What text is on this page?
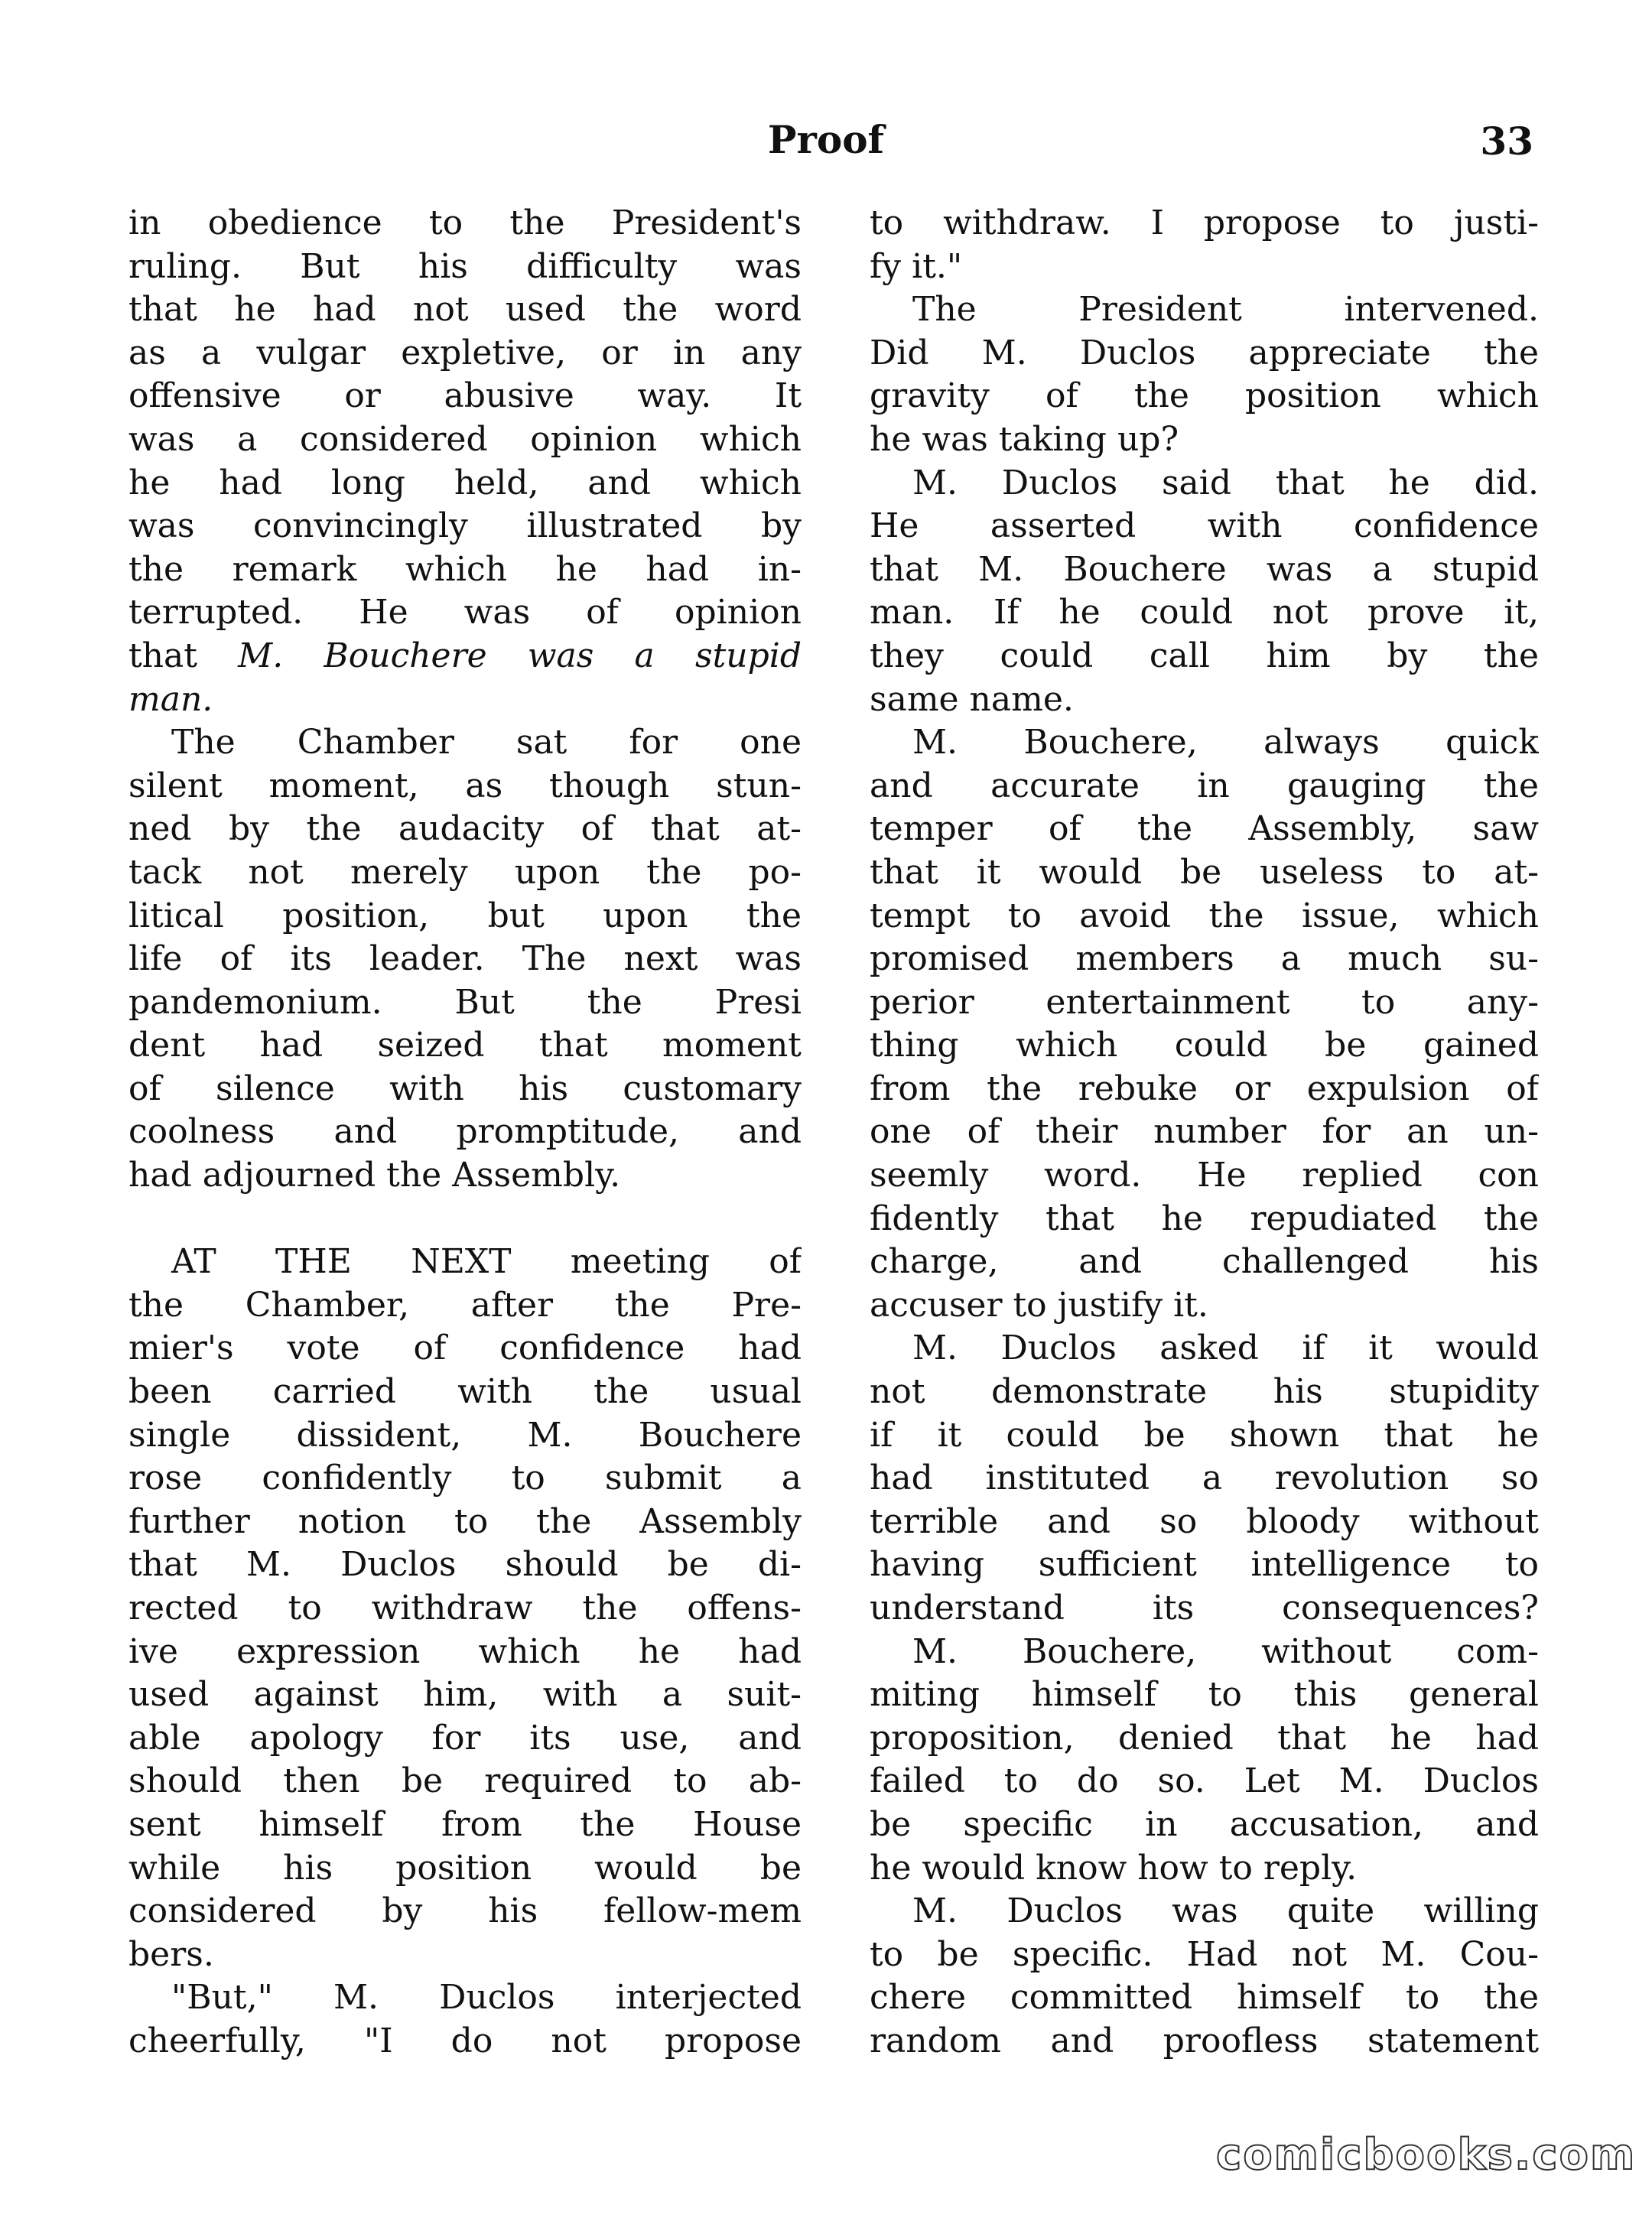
Proof	33
in obedience to the President's
ruling. But his difficulty was
that he had not used the word
as a vulgar expletive, or in any
offensive or abusive way. It
was a considered opinion which
he had long held, and which
was convincingly illustrated by
the remark which he had in-
terrupted. He was of opinion
that M. Bouchere was a stupid
man.
The Chamber sat for one
silent moment, as though stun-
ned by the audacity of that at-
tack not merely upon the po-
litical position, but upon the
life of its leader. The next was
pandemonium. But the Presi
dent had seized that moment
of silence with his customary
coolness and promptitude, and
had adjourned the Assembly.
AT THE NEXT meeting of
the Chamber, after the Pre-
mier's vote of confidence had
been carried with the usual
single dissident, M. Bouchere
rose confidently to submit a
further notion to the Assembly
that M. Duclos should be di-
rected to withdraw the offens-
ive expression which he had
used against him, with a suit-
able apology for its use, and
should then be required to ab-
sent himself from the House
while his position would be
considered by his fellow-mem
bers.
"But," M. Duclos interjected
cheerfully, "I do not propose
to withdraw. I propose to justi-
fy it."
The President intervened.
Did M. Duclos appreciate the
gravity of the position which
he was taking up?
M. Duclos said that he did.
He asserted with confidence
that M. Bouchere was a stupid
man. If he could not prove it,
they could call him by the
same name.
M. Bouchere, always quick
and accurate in gauging the
temper of the Assembly, saw
that it would be useless to at-
tempt to avoid the issue, which
promised members a much su-
perior entertainment to any-
thing which could be gained
from the rebuke or expulsion of
one of their number for an un-
seemly word. He replied con
fidently that he repudiated the
charge, and challenged his
accuser to justify it.
M. Duclos asked if it would
not demonstrate his stupidity
if it could be shown that he
had instituted a revolution so
terrible and so bloody without
having sufficient intelligence to
understand its consequences?
M. Bouchere, without com-
miting himself to this general
proposition, denied that he had
failed to do so. Let M. Duclos
be specific in accusation, and
he would know how to reply.
M. Duclos was quite willing
to be specific. Had not M. Cou-
chere committed himself to the
random and proofless statement
comicbooks.com
